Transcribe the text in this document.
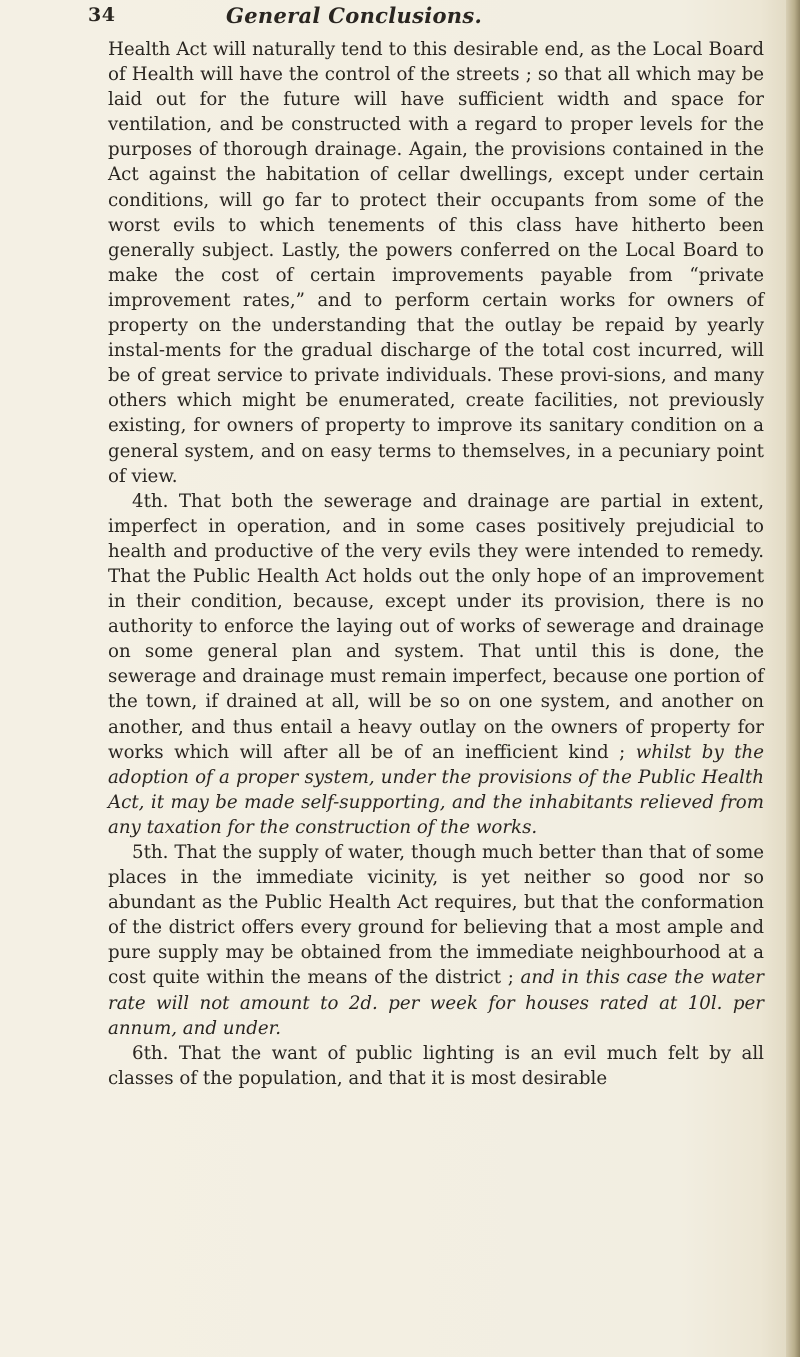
34	General Conclusions.

Health Act will naturally tend to this desirable end, as the Local Board of Health will have the control of the streets ; so that all which may be laid out for the future will have sufficient width and space for ventilation, and be constructed with a regard to proper levels for the purposes of thorough drainage. Again, the provisions contained in the Act against the habitation of cellar dwellings, except under certain conditions, will go far to protect their occupants from some of the worst evils to which tenements of this class have hitherto been generally subject. Lastly, the powers conferred on the Local Board to make the cost of certain improvements payable from “private improvement rates,” and to perform certain works for owners of property on the understanding that the outlay be repaid by yearly instal-ments for the gradual discharge of the total cost incurred, will be of great service to private individuals. These provi-sions, and many others which might be enumerated, create facilities, not previously existing, for owners of property to improve its sanitary condition on a general system, and on easy terms to themselves, in a pecuniary point of view.

4th. That both the sewerage and drainage are partial in extent, imperfect in operation, and in some cases positively prejudicial to health and productive of the very evils they were intended to remedy. That the Public Health Act holds out the only hope of an improvement in their condition, because, except under its provision, there is no authority to enforce the laying out of works of sewerage and drainage on some general plan and system. That until this is done, the sewerage and drainage must remain imperfect, because one portion of the town, if drained at all, will be so on one system, and another on another, and thus entail a heavy outlay on the owners of property for works which will after all be of an inefficient kind ; whilst by the adoption of a proper system, under the provisions of the Public Health Act, it may be made self-supporting, and the inhabitants relieved from any taxation for the construction of the works.

5th. That the supply of water, though much better than that of some places in the immediate vicinity, is yet neither so good nor so abundant as the Public Health Act requires, but that the conformation of the district offers every ground for believing that a most ample and pure supply may be obtained from the immediate neighbourhood at a cost quite within the means of the district ; and in this case the water rate will not amount to 2d. per week for houses rated at 10l. per annum, and under.

6th. That the want of public lighting is an evil much felt by all classes of the population, and that it is most desirable
